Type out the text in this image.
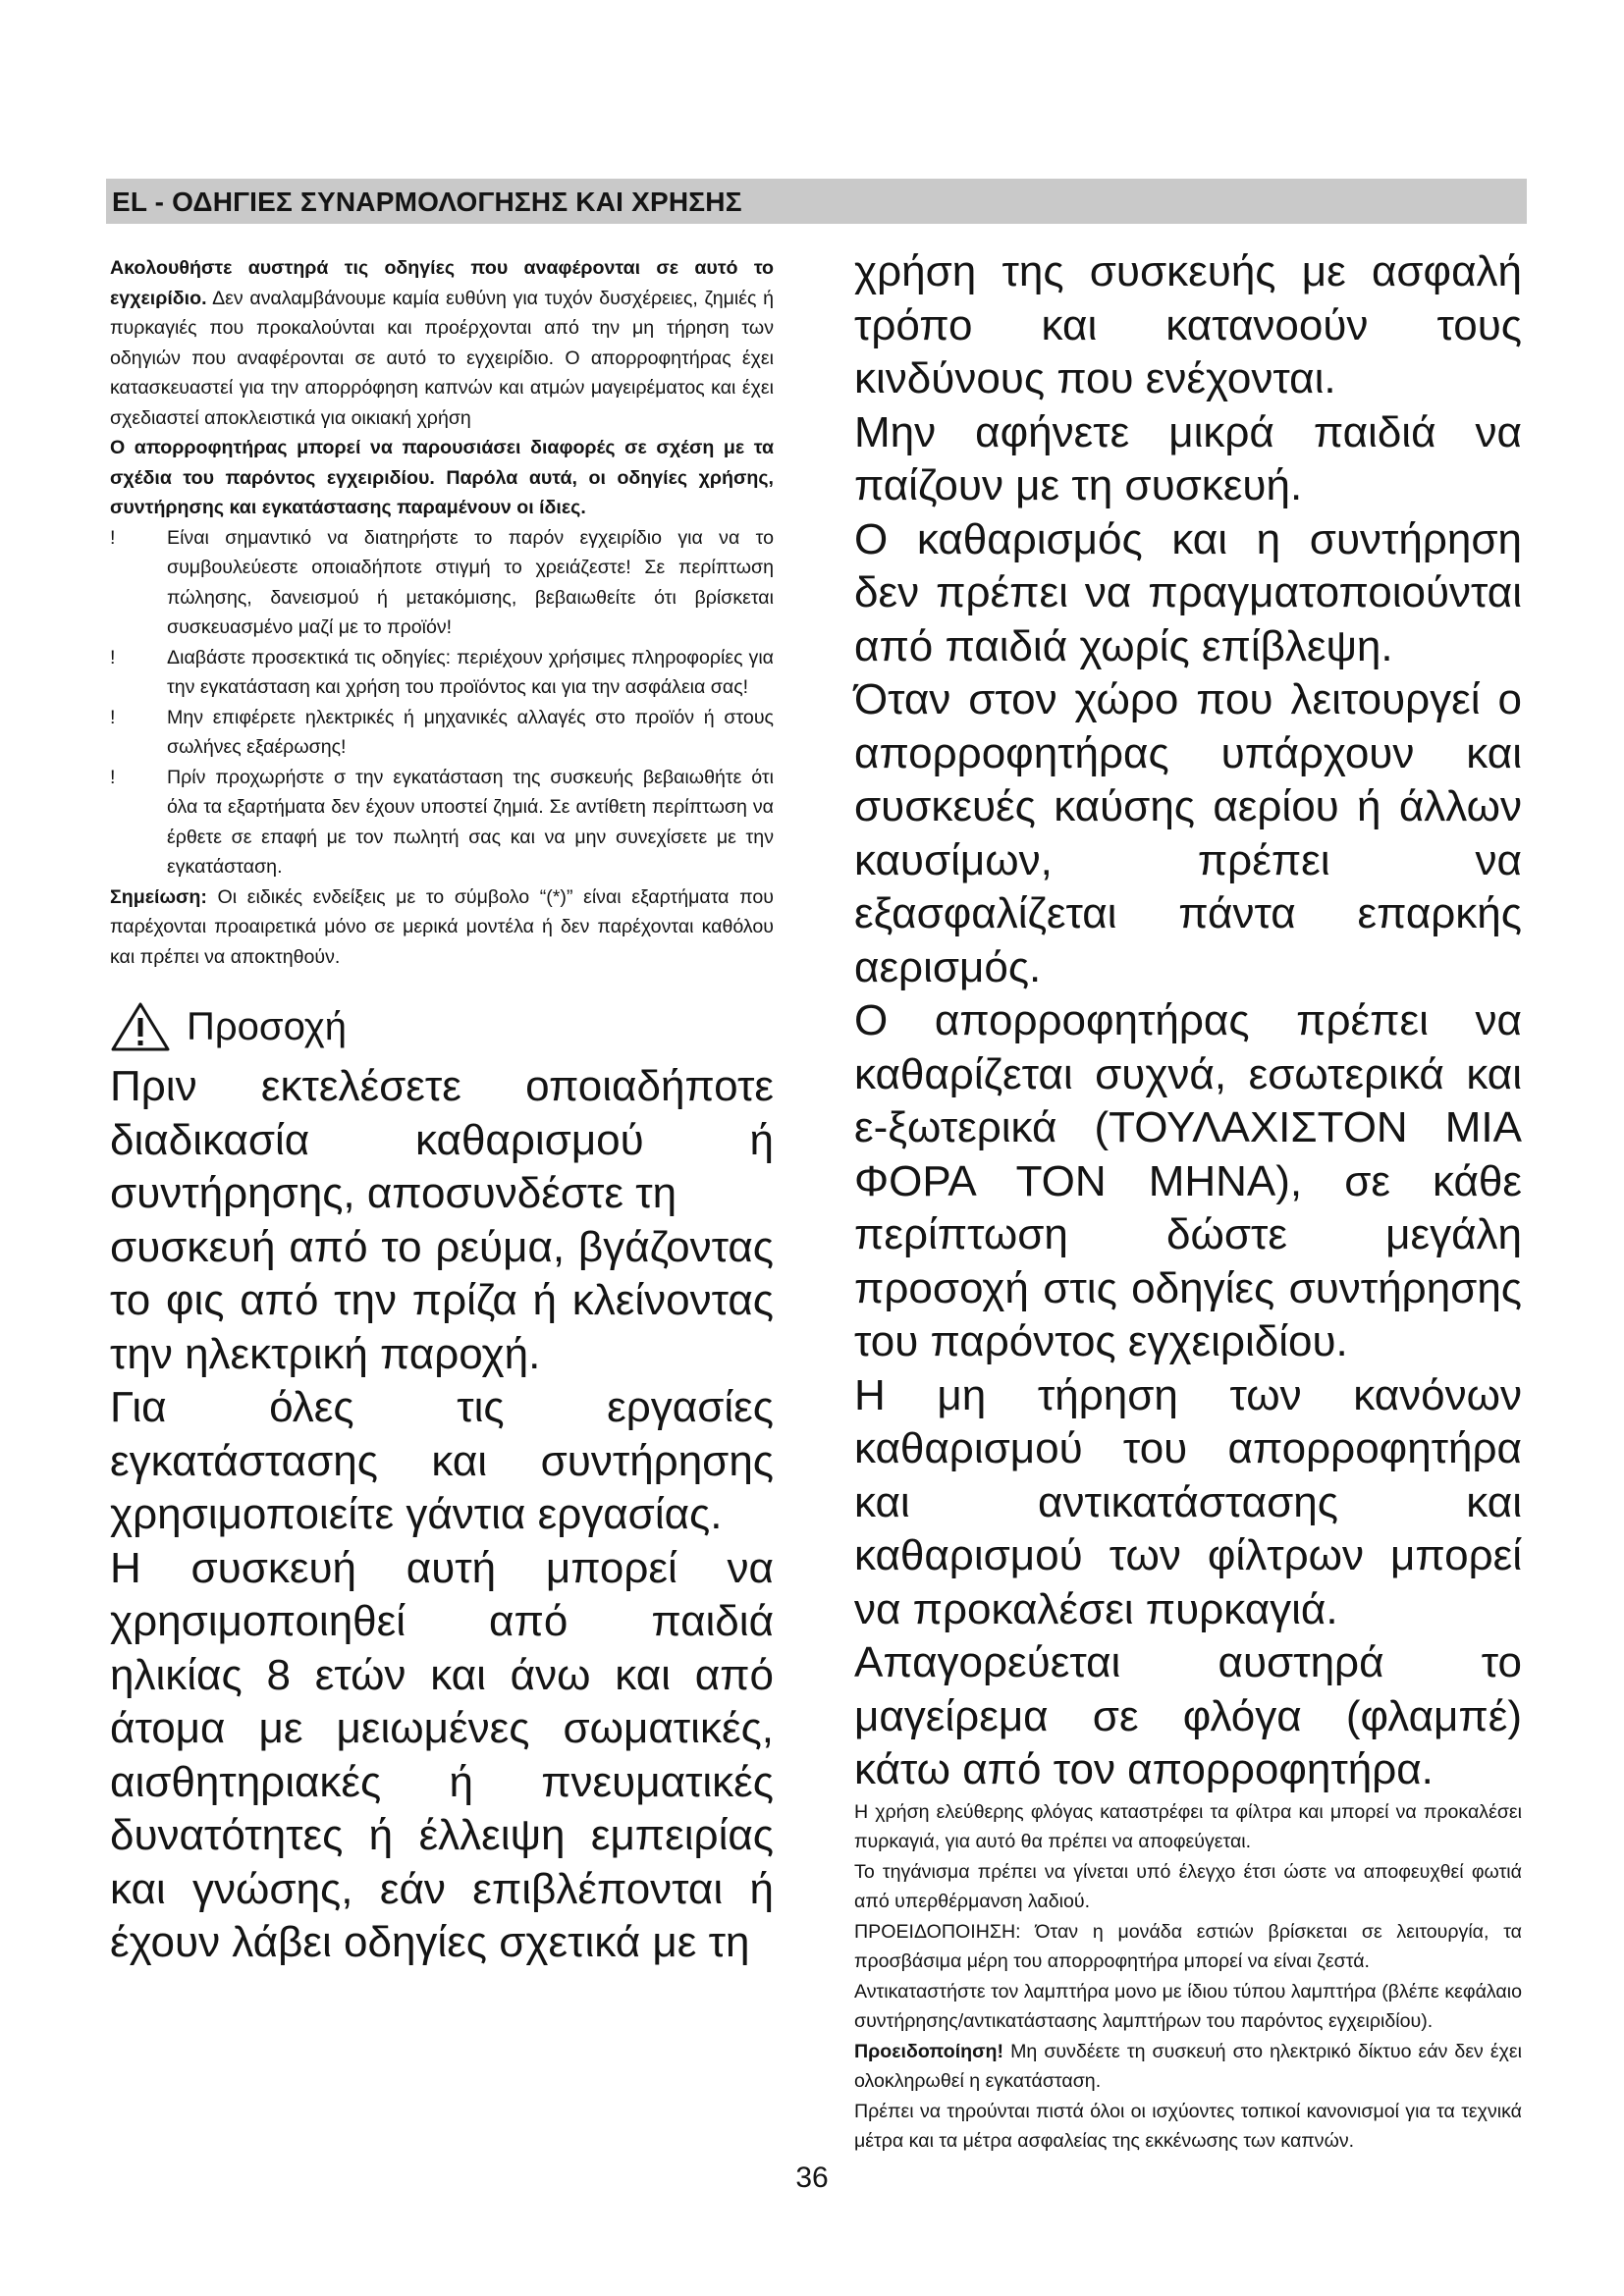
EL - ΟΔΗΓΙΕΣ ΣΥΝΑΡΜΟΛΟΓΗΣΗΣ ΚΑΙ ΧΡΗΣΗΣ

Ακολουθήστε αυστηρά τις οδηγίες που αναφέρονται σε αυτό το εγχειρίδιο. Δεν αναλαμβάνουμε καμία ευθύνη για τυχόν δυσχέρειες, ζημιές ή πυρκαγιές που προκαλούνται και προέρχονται από την μη τήρηση των οδηγιών που αναφέρονται σε αυτό το εγχειρίδιο. Ο απορροφητήρας έχει κατασκευαστεί για την απορρόφηση καπνών και ατμών μαγειρέματος και έχει σχεδιαστεί αποκλειστικά για οικιακή χρήση

Ο απορροφητήρας μπορεί να παρουσιάσει διαφορές σε σχέση με τα σχέδια του παρόντος εγχειριδίου. Παρόλα αυτά, οι οδηγίες χρήσης, συντήρησης και εγκατάστασης παραμένουν οι ίδιες.

!	Είναι σημαντικό να διατηρήστε το παρόν εγχειρίδιο για να το συμβουλεύεστε οποιαδήποτε στιγμή το χρειάζεστε! Σε περίπτωση πώλησης, δανεισμού ή μετακόμισης, βεβαιωθείτε ότι βρίσκεται συσκευασμένο μαζί με το προϊόν!

!	Διαβάστε προσεκτικά τις οδηγίες: περιέχουν χρήσιμες πληροφορίες για την εγκατάσταση και χρήση του προϊόντος και για την ασφάλεια σας!

!	Μην επιφέρετε ηλεκτρικές ή μηχανικές αλλαγές στο προϊόν ή στους σωλήνες εξαέρωσης!

!	Πρίν προχωρήστε σ την εγκατάσταση της συσκευής βεβαιωθήτε ότι όλα τα εξαρτήματα δεν έχουν υποστεί ζημιά. Σε αντίθετη περίπτωση να έρθετε σε επαφή με τον πωλητή σας και να μην συνεχίσετε με την εγκατάσταση.

Σημείωση: Οι ειδικές ενδείξεις με το σύμβολο “(*)” είναι εξαρτήματα που παρέχονται προαιρετικά μόνο σε μερικά μοντέλα ή δεν παρέχονται καθόλου και πρέπει να αποκτηθούν.

Προσοχή

Πριν εκτελέσετε οποιαδήποτε διαδικασία καθαρισμού ή συντήρησης, αποσυνδέστε τη

συσκευή από το ρεύμα, βγάζοντας το φις από την πρίζα ή κλείνοντας την ηλεκτρική παροχή.

Για όλες τις εργασίες εγκατάστασης και συντήρησης χρησιμοποιείτε γάντια εργασίας.

Η συσκευή αυτή μπορεί να χρησιμοποιηθεί από παιδιά ηλικίας 8 ετών και άνω και από άτομα με μειωμένες σωματικές, αισθητηριακές ή πνευματικές δυνατότητες ή έλλειψη εμπειρίας και γνώσης, εάν επιβλέπονται ή έχουν λάβει οδηγίες σχετικά με τη

χρήση της συσκευής με ασφαλή τρόπο και κατανοούν τους κινδύνους που ενέχονται.

Μην αφήνετε μικρά παιδιά να παίζουν με τη συσκευή.

Ο καθαρισμός και η συντήρηση δεν πρέπει να πραγματοποιούνται από παιδιά χωρίς επίβλεψη.

Όταν στον χώρο που λειτουργεί ο απορροφητήρας υπάρχουν και συσκευές καύσης αερίου ή άλλων καυσίμων, πρέπει να εξασφαλίζεται πάντα επαρκής αερισμός.

Ο απορροφητήρας πρέπει να καθαρίζεται συχνά, εσωτερικά και ε-ξωτερικά (ΤΟΥΛΑΧΙΣΤΟΝ ΜΙΑ ΦΟΡΑ ΤΟΝ ΜΗΝΑ), σε κάθε περίπτωση δώστε μεγάλη προσοχή στις οδηγίες συντήρησης του παρόντος εγχειριδίου.

Η μη τήρηση των κανόνων καθαρισμού του απορροφητήρα και αντικατάστασης και καθαρισμού των φίλτρων μπορεί να προκαλέσει πυρκαγιά.

Απαγορεύεται αυστηρά το μαγείρεμα σε φλόγα (φλαμπέ) κάτω από τον απορροφητήρα.

Η χρήση ελεύθερης φλόγας καταστρέφει τα φίλτρα και μπορεί να προκαλέσει πυρκαγιά, για αυτό θα πρέπει να αποφεύγεται.

Το τηγάνισμα πρέπει να γίνεται υπό έλεγχο έτσι ώστε να αποφευχθεί φωτιά από υπερθέρμανση λαδιού.

ΠΡΟΕΙΔΟΠΟΙΗΣΗ: Όταν η μονάδα εστιών βρίσκεται σε λειτουργία, τα προσβάσιμα μέρη του απορροφητήρα μπορεί να είναι ζεστά.

Αντικαταστήστε τον λαμπτήρα μονο με ίδιου τύπου λαμπτήρα (βλέπε κεφάλαιο συντήρησης/αντικατάστασης λαμπτήρων του παρόντος εγχειριδίου).

Προειδοποίηση! Μη συνδέετε τη συσκευή στο ηλεκτρικό δίκτυο εάν δεν έχει ολοκληρωθεί η εγκατάσταση.

Πρέπει να τηρούνται πιστά όλοι οι ισχύοντες τοπικοί κανονισμοί για τα τεχνικά μέτρα και τα μέτρα ασφαλείας της εκκένωσης των καπνών.

36
